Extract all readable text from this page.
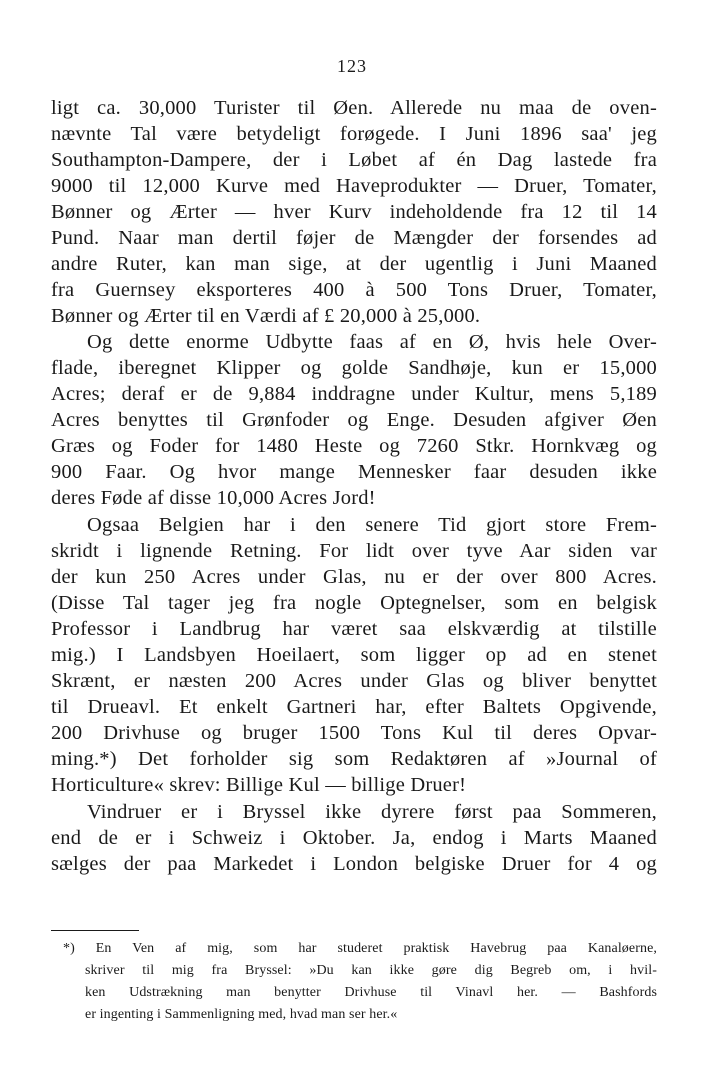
123
ligt ca. 30,000 Turister til Øen. Allerede nu maa de oven-
nævnte Tal være betydeligt forøgede. I Juni 1896 saa' jeg
Southampton-Dampere, der i Løbet af én Dag lastede fra
9000 til 12,000 Kurve med Haveprodukter — Druer, Tomater,
Bønner og Ærter — hver Kurv indeholdende fra 12 til 14
Pund. Naar man dertil føjer de Mængder der forsendes ad
andre Ruter, kan man sige, at der ugentlig i Juni Maaned
fra Guernsey eksporteres 400 à 500 Tons Druer, Tomater,
Bønner og Ærter til en Værdi af £ 20,000 à 25,000.
Og dette enorme Udbytte faas af en Ø, hvis hele Over-
flade, iberegnet Klipper og golde Sandhøje, kun er 15,000
Acres; deraf er de 9,884 inddragne under Kultur, mens 5,189
Acres benyttes til Grønfoder og Enge. Desuden afgiver Øen
Græs og Foder for 1480 Heste og 7260 Stkr. Hornkvæg og
900 Faar. Og hvor mange Mennesker faar desuden ikke
deres Føde af disse 10,000 Acres Jord!
Ogsaa Belgien har i den senere Tid gjort store Frem-
skridt i lignende Retning. For lidt over tyve Aar siden var
der kun 250 Acres under Glas, nu er der over 800 Acres.
(Disse Tal tager jeg fra nogle Optegnelser, som en belgisk
Professor i Landbrug har været saa elskværdig at tilstille
mig.) I Landsbyen Hoeilaert, som ligger op ad en stenet
Skrænt, er næsten 200 Acres under Glas og bliver benyttet
til Drueavl. Et enkelt Gartneri har, efter Baltets Opgivende,
200 Drivhuse og bruger 1500 Tons Kul til deres Opvar-
ming.*) Det forholder sig som Redaktøren af »Journal of
Horticulture« skrev: Billige Kul — billige Druer!
Vindruer er i Bryssel ikke dyrere først paa Sommeren,
end de er i Schweiz i Oktober. Ja, endog i Marts Maaned
sælges der paa Markedet i London belgiske Druer for 4 og
*) En Ven af mig, som har studeret praktisk Havebrug paa Kanaløerne,
skriver til mig fra Bryssel: »Du kan ikke gøre dig Begreb om, i hvil-
ken Udstrækning man benytter Drivhuse til Vinavl her. — Bashfords
er ingenting i Sammenligning med, hvad man ser her.«
